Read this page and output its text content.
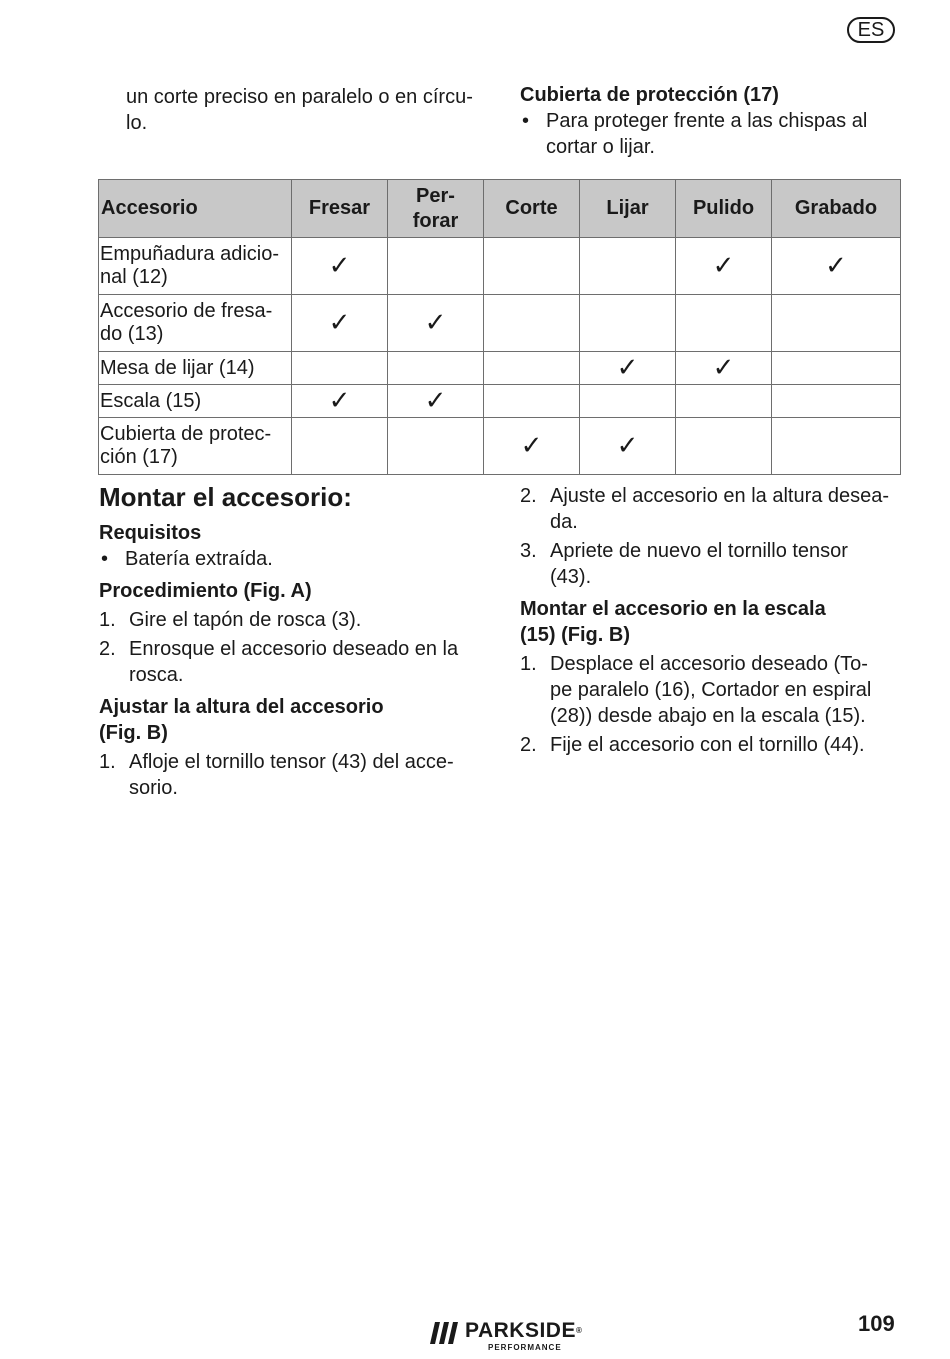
ES
un corte preciso en paralelo o en círcu-
lo.
Cubierta de protección (17)
• Para proteger frente a las chispas al
cortar o lijar.
Accesorio	Fresar	Per-
forar	Corte	Lijar	Pulido	Grabado

Empuñadura adicio-
nal (12)	✓				✓	✓

Accesorio de fresa-
do (13)	✓	✓				

Mesa de lijar (14)				✓	✓	

Escala (15)	✓	✓				

Cubierta de protec-
ción (17)			✓	✓		
Montar el accesorio:
Requisitos
• Batería extraída.
Procedimiento (Fig. A)
1. Gire el tapón de rosca (3).
2. Enrosque el accesorio deseado en la
rosca.
Ajustar la altura del accesorio
(Fig. B)
1. Afloje el tornillo tensor (43) del acce-
sorio.
2. Ajuste el accesorio en la altura desea-
da.
3. Apriete de nuevo el tornillo tensor
(43).
Montar el accesorio en la escala
(15) (Fig. B)
1. Desplace el accesorio deseado (To-
pe paralelo (16), Cortador en espiral
(28)) desde abajo en la escala (15).
2. Fije el accesorio con el tornillo (44).
PARKSIDE®
PERFORMANCE
109
